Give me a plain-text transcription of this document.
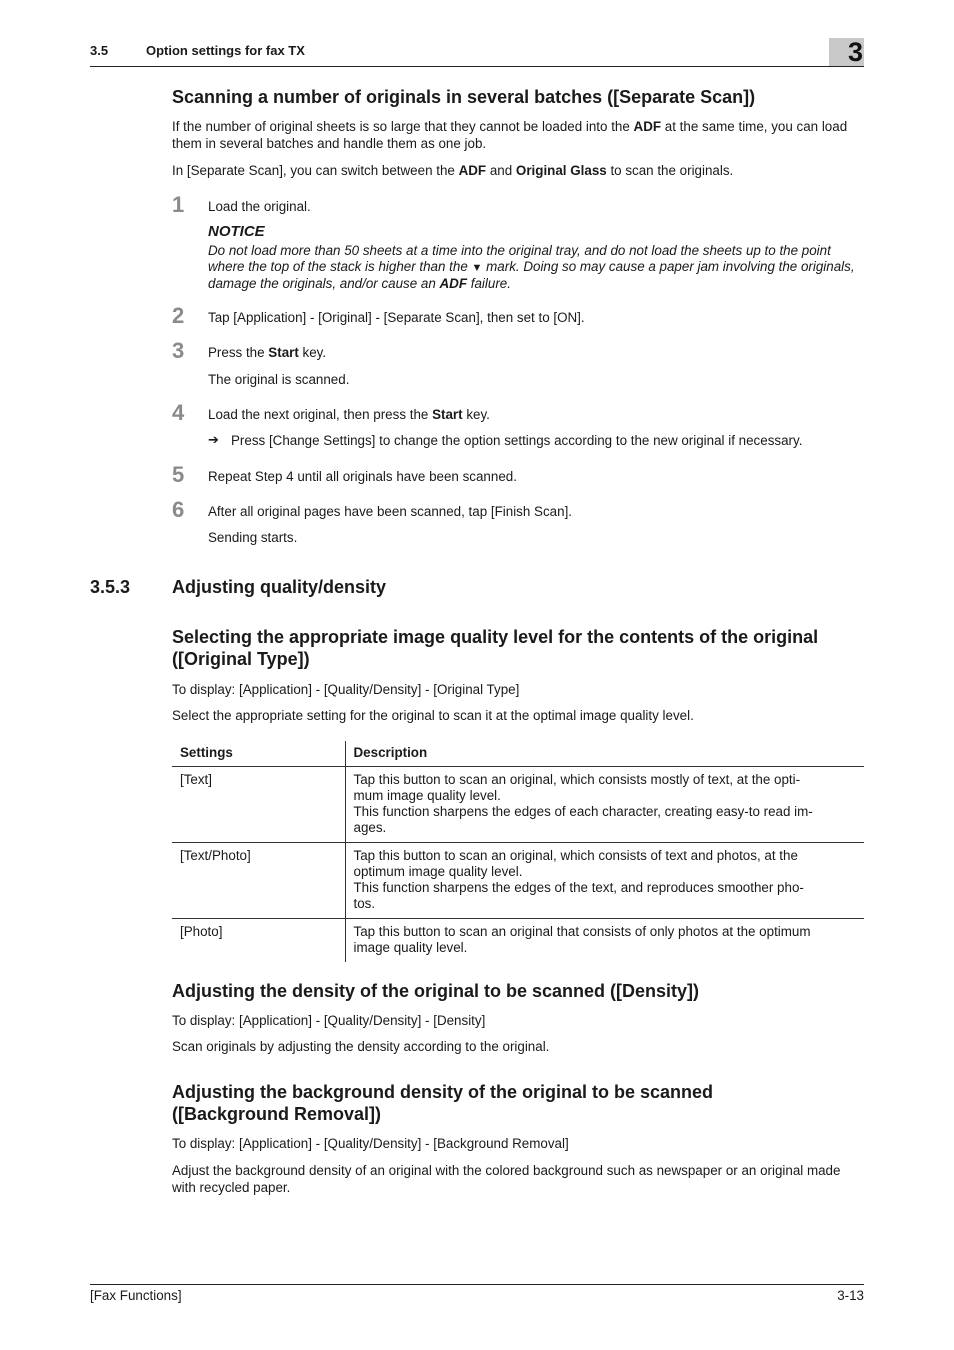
3.5	Option settings for fax TX	3
Scanning a number of originals in several batches ([Separate Scan])
If the number of original sheets is so large that they cannot be loaded into the ADF at the same time, you can load them in several batches and handle them as one job.
In [Separate Scan], you can switch between the ADF and Original Glass to scan the originals.
1 Load the original.
NOTICE
Do not load more than 50 sheets at a time into the original tray, and do not load the sheets up to the point where the top of the stack is higher than the ▼ mark. Doing so may cause a paper jam involving the originals, damage the originals, and/or cause an ADF failure.
2 Tap [Application] - [Original] - [Separate Scan], then set to [ON].
3 Press the Start key.
The original is scanned.
4 Load the next original, then press the Start key.
➔ Press [Change Settings] to change the option settings according to the new original if necessary.
5 Repeat Step 4 until all originals have been scanned.
6 After all original pages have been scanned, tap [Finish Scan].
Sending starts.
3.5.3 Adjusting quality/density
Selecting the appropriate image quality level for the contents of the original ([Original Type])
To display: [Application] - [Quality/Density] - [Original Type]
Select the appropriate setting for the original to scan it at the optimal image quality level.
Settings	Description
[Text]	Tap this button to scan an original, which consists mostly of text, at the opti-
mum image quality level.
This function sharpens the edges of each character, creating easy-to read im-
ages.

[Text/Photo]	Tap this button to scan an original, which consists of text and photos, at the
optimum image quality level.
This function sharpens the edges of the text, and reproduces smoother pho-
tos.

[Photo]	Tap this button to scan an original that consists of only photos at the optimum
image quality level.
Adjusting the density of the original to be scanned ([Density])
To display: [Application] - [Quality/Density] - [Density]
Scan originals by adjusting the density according to the original.
Adjusting the background density of the original to be scanned
([Background Removal])
To display: [Application] - [Quality/Density] - [Background Removal]
Adjust the background density of an original with the colored background such as newspaper or an original made with recycled paper.
[Fax Functions]	3-13
